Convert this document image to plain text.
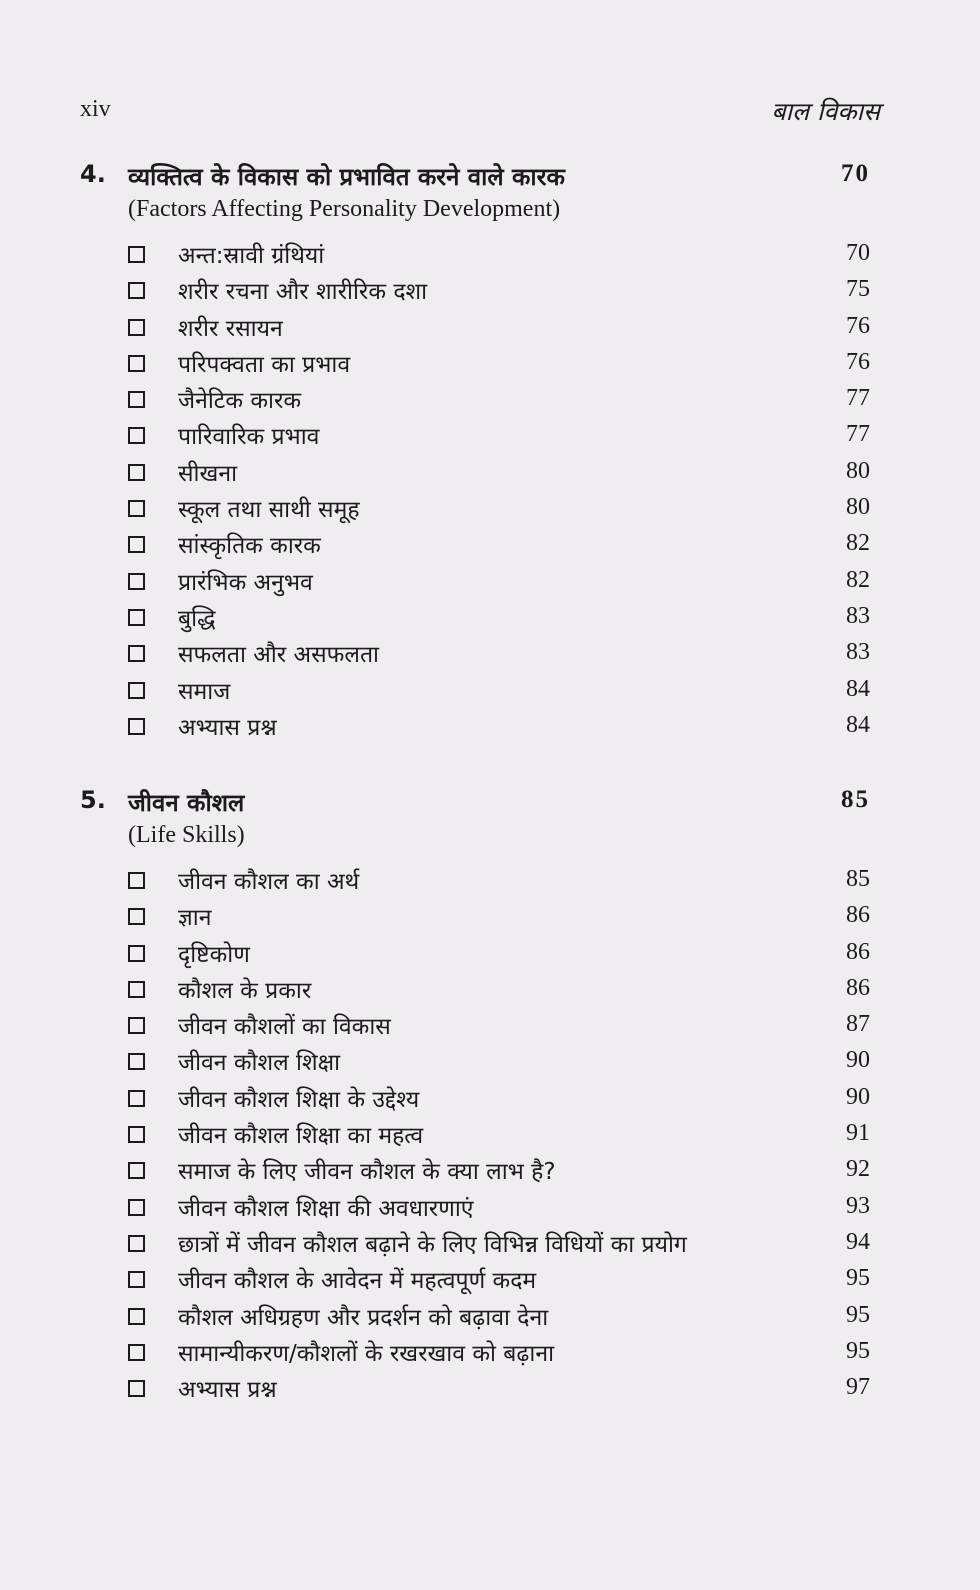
xiv	बाल विकास
4. व्यक्तित्व के विकास को प्रभावित करने वाले कारक	70
(Factors Affecting Personality Development)
अन्त:स्रावी ग्रंथियां	70
शरीर रचना और शारीरिक दशा	75
शरीर रसायन	76
परिपक्वता का प्रभाव	76
जैनेटिक कारक	77
पारिवारिक प्रभाव	77
सीखना	80
स्कूल तथा साथी समूह	80
सांस्कृतिक कारक	82
प्रारंभिक अनुभव	82
बुद्धि	83
सफलता और असफलता	83
समाज	84
अभ्यास प्रश्न	84
5. जीवन कौशल	85
(Life Skills)
जीवन कौशल का अर्थ	85
ज्ञान	86
दृष्टिकोण	86
कौशल के प्रकार	86
जीवन कौशलों का विकास	87
जीवन कौशल शिक्षा	90
जीवन कौशल शिक्षा के उद्देश्य	90
जीवन कौशल शिक्षा का महत्व	91
समाज के लिए जीवन कौशल के क्या लाभ है?	92
जीवन कौशल शिक्षा की अवधारणाएं	93
छात्रों में जीवन कौशल बढ़ाने के लिए विभिन्न विधियों का प्रयोग	94
जीवन कौशल के आवेदन में महत्वपूर्ण कदम	95
कौशल अधिग्रहण और प्रदर्शन को बढ़ावा देना	95
सामान्यीकरण/कौशलों के रखरखाव को बढ़ाना	95
अभ्यास प्रश्न	97
